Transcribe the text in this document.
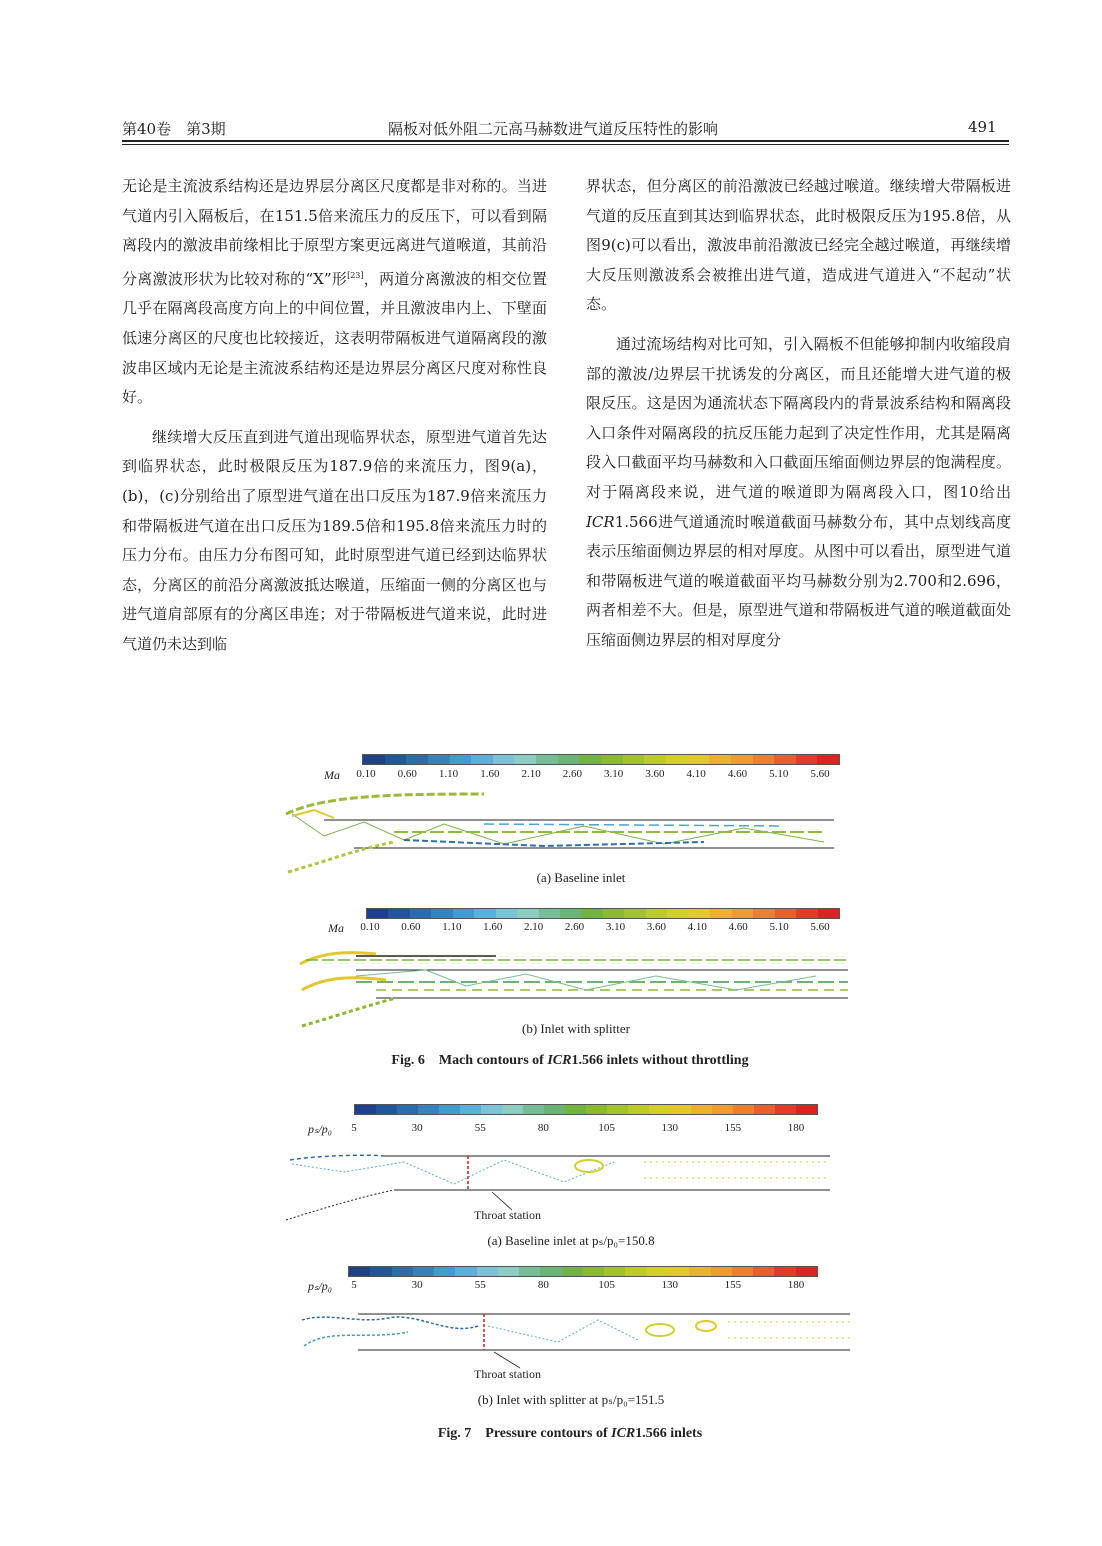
第40卷　第3期	隔板对低外阻二元高马赫数进气道反压特性的影响	491

无论是主流波系结构还是边界层分离区尺度都是非对称的。当进气道内引入隔板后，在151.5倍来流压力的反压下，可以看到隔离段内的激波串前缘相比于原型方案更远离进气道喉道，其前沿分离激波形状为比较对称的“X”形[23]，两道分离激波的相交位置几乎在隔离段高度方向上的中间位置，并且激波串内上、下壁面低速分离区的尺度也比较接近，这表明带隔板进气道隔离段的激波串区域内无论是主流波系结构还是边界层分离区尺度对称性良好。

继续增大反压直到进气道出现临界状态，原型进气道首先达到临界状态，此时极限反压为187.9倍的来流压力，图9(a)，(b)，(c)分别给出了原型进气道在出口反压为187.9倍来流压力和带隔板进气道在出口反压为189.5倍和195.8倍来流压力时的压力分布。由压力分布图可知，此时原型进气道已经到达临界状态，分离区的前沿分离激波抵达喉道，压缩面一侧的分离区也与进气道肩部原有的分离区串连；对于带隔板进气道来说，此时进气道仍未达到临

界状态，但分离区的前沿激波已经越过喉道。继续增大带隔板进气道的反压直到其达到临界状态，此时极限反压为195.8倍，从图9(c)可以看出，激波串前沿激波已经完全越过喉道，再继续增大反压则激波系会被推出进气道，造成进气道进入“不起动”状态。

通过流场结构对比可知，引入隔板不但能够抑制内收缩段肩部的激波/边界层干扰诱发的分离区，而且还能增大进气道的极限反压。这是因为通流状态下隔离段内的背景波系结构和隔离段入口条件对隔离段的抗反压能力起到了决定性作用，尤其是隔离段入口截面平均马赫数和入口截面压缩面侧边界层的饱满程度。对于隔离段来说，进气道的喉道即为隔离段入口，图10给出ICR1.566进气道通流时喉道截面马赫数分布，其中点划线高度表示压缩面侧边界层的相对厚度。从图中可以看出，原型进气道和带隔板进气道的喉道截面平均马赫数分别为2.700和2.696，两者相差不大。但是，原型进气道和带隔板进气道的喉道截面处压缩面侧边界层的相对厚度分

Ma 0.10 0.60 1.10 1.60 2.10 2.60 3.10 3.60 4.10 4.60 5.10 5.60
(a) Baseline inlet
Ma 0.10 0.60 1.10 1.60 2.10 2.60 3.10 3.60 4.10 4.60 5.10 5.60
(b) Inlet with splitter
Fig. 6　Mach contours of ICR1.566 inlets without throttling
pₛ/p₀ 5	30	55	80	105	130	155	180
Throat station
(a) Baseline inlet at pₛ/p₀=150.8
pₛ/p₀ 5	30	55	80	105	130	155	180
Throat station
(b) Inlet with splitter at pₛ/p₀=151.5
Fig. 7　Pressure contours of ICR1.566 inlets
